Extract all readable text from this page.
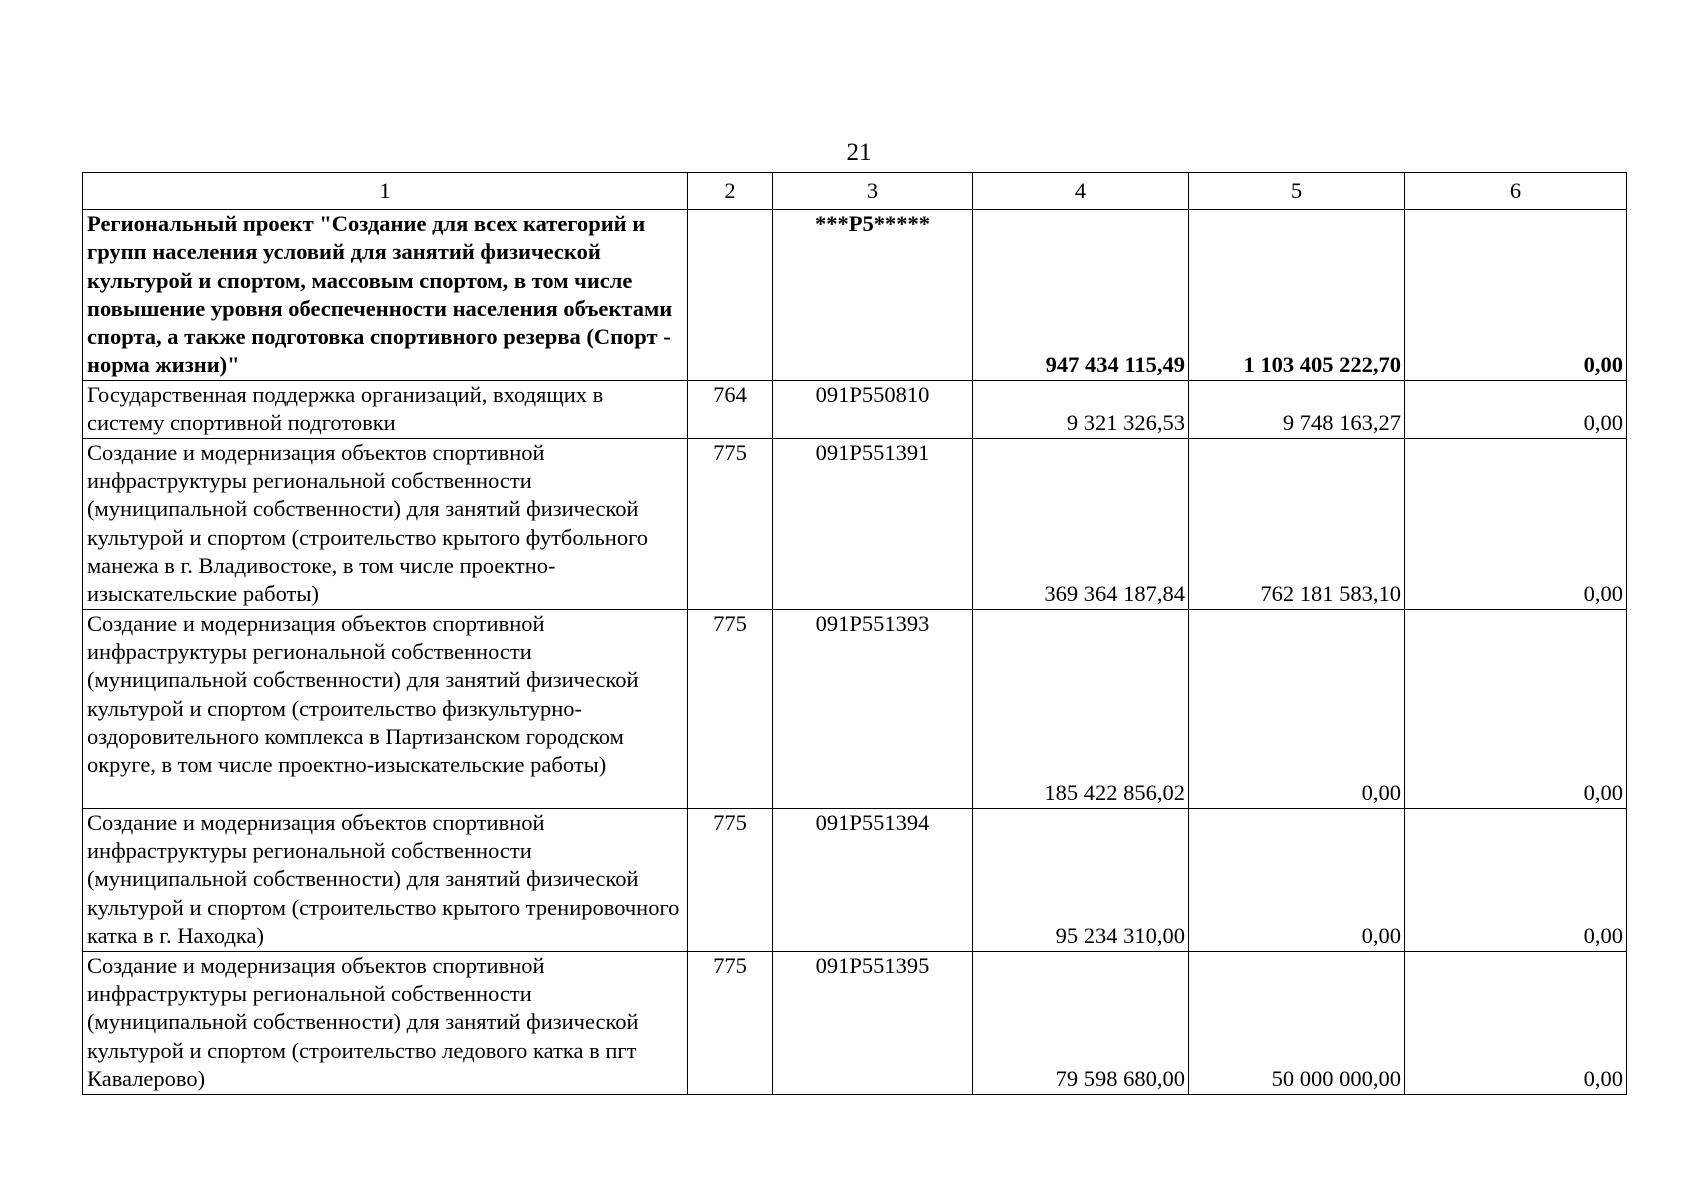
21
1	2	3	4	5	6
Региональный проект "Создание для всех категорий и групп населения условий для занятий физической культурой и спортом, массовым спортом, в том числе повышение уровня обеспеченности населения объектами спорта, а также подготовка спортивного резерва (Спорт - норма жизни)"		***P5*****	947 434 115,49	1 103 405 222,70	0,00
Государственная поддержка организаций, входящих в систему спортивной подготовки	764	091P550810	9 321 326,53	9 748 163,27	0,00
Создание и модернизация объектов спортивной инфраструктуры региональной собственности (муниципальной собственности) для занятий физической культурой и спортом (строительство крытого футбольного манежа в г. Владивостоке, в том числе проектно-изыскательские работы)	775	091P551391	369 364 187,84	762 181 583,10	0,00
Создание и модернизация объектов спортивной инфраструктуры региональной собственности (муниципальной собственности) для занятий физической культурой и спортом (строительство физкультурно-оздоровительного комплекса в Партизанском городском округе, в том числе проектно-изыскательские работы)	775	091P551393	185 422 856,02	0,00	0,00
Создание и модернизация объектов спортивной инфраструктуры региональной собственности (муниципальной собственности) для занятий физической культурой и спортом (строительство крытого тренировочного катка в г. Находка)	775	091P551394	95 234 310,00	0,00	0,00
Создание и модернизация объектов спортивной инфраструктуры региональной собственности (муниципальной собственности) для занятий физической культурой и спортом (строительство ледового катка в пгт Кавалерово)	775	091P551395	79 598 680,00	50 000 000,00	0,00
